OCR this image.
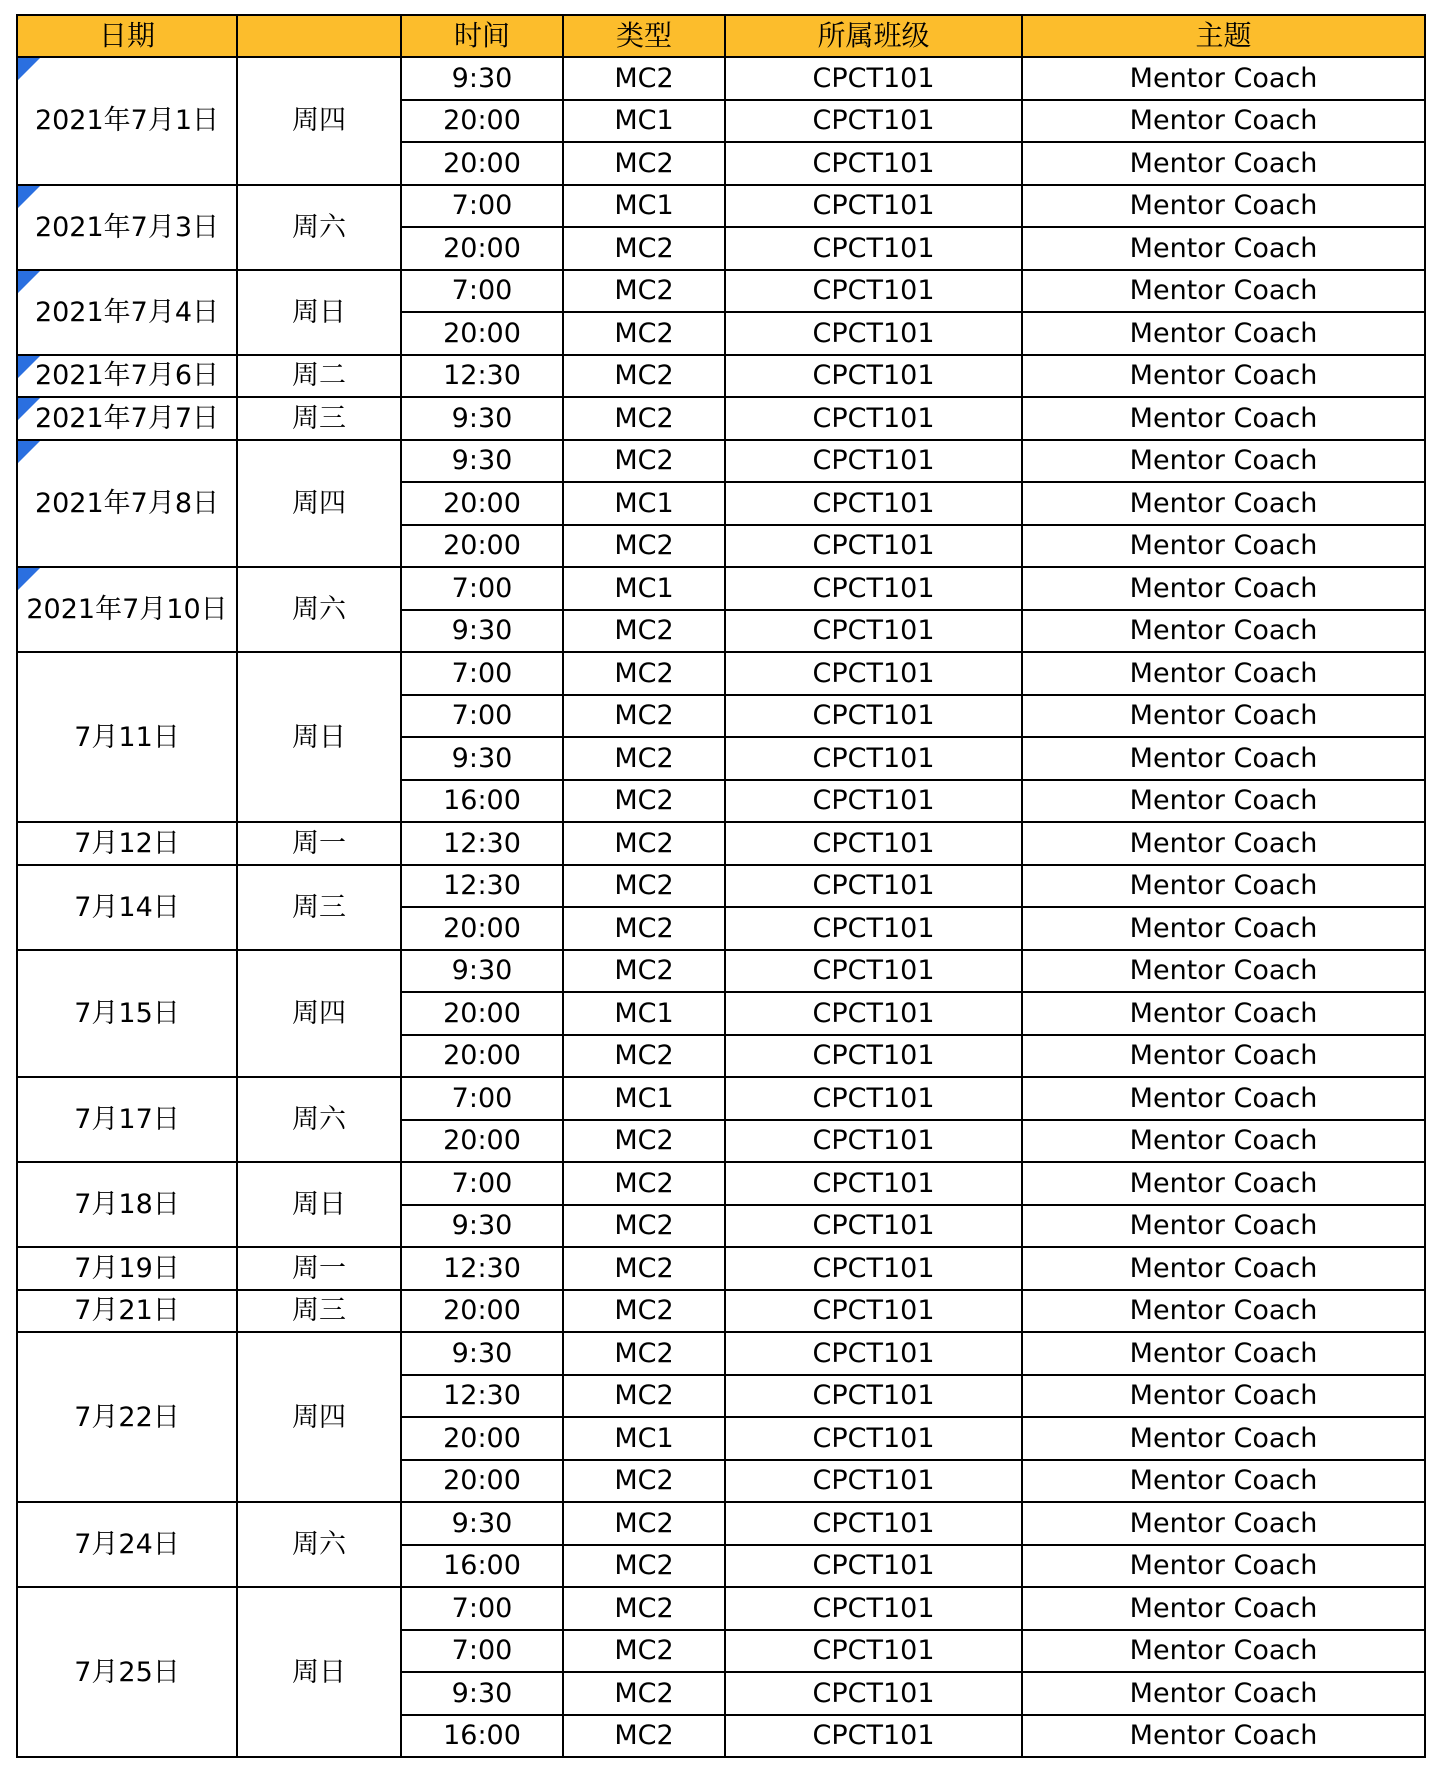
日期		时间	类型	所属班级	主题

2021年7月1日	周四	9:30	MC2	CPCT101	Mentor Coach
		20:00	MC1	CPCT101	Mentor Coach
		20:00	MC2	CPCT101	Mentor Coach

2021年7月3日	周六	7:00	MC1	CPCT101	Mentor Coach
		20:00	MC2	CPCT101	Mentor Coach

2021年7月4日	周日	7:00	MC2	CPCT101	Mentor Coach
		20:00	MC2	CPCT101	Mentor Coach

2021年7月6日	周二	12:30	MC2	CPCT101	Mentor Coach

2021年7月7日	周三	9:30	MC2	CPCT101	Mentor Coach

2021年7月8日	周四	9:30	MC2	CPCT101	Mentor Coach
		20:00	MC1	CPCT101	Mentor Coach
		20:00	MC2	CPCT101	Mentor Coach

2021年7月10日	周六	7:00	MC1	CPCT101	Mentor Coach
		9:30	MC2	CPCT101	Mentor Coach
7月11日	周日	7:00	MC2	CPCT101	Mentor Coach
		7:00	MC2	CPCT101	Mentor Coach
		9:30	MC2	CPCT101	Mentor Coach
		16:00	MC2	CPCT101	Mentor Coach
7月12日	周一	12:30	MC2	CPCT101	Mentor Coach
7月14日	周三	12:30	MC2	CPCT101	Mentor Coach
		20:00	MC2	CPCT101	Mentor Coach
7月15日	周四	9:30	MC2	CPCT101	Mentor Coach
		20:00	MC1	CPCT101	Mentor Coach
		20:00	MC2	CPCT101	Mentor Coach
7月17日	周六	7:00	MC1	CPCT101	Mentor Coach
		20:00	MC2	CPCT101	Mentor Coach
7月18日	周日	7:00	MC2	CPCT101	Mentor Coach
		9:30	MC2	CPCT101	Mentor Coach
7月19日	周一	12:30	MC2	CPCT101	Mentor Coach
7月21日	周三	20:00	MC2	CPCT101	Mentor Coach
7月22日	周四	9:30	MC2	CPCT101	Mentor Coach
		12:30	MC2	CPCT101	Mentor Coach
		20:00	MC1	CPCT101	Mentor Coach
		20:00	MC2	CPCT101	Mentor Coach
7月24日	周六	9:30	MC2	CPCT101	Mentor Coach
		16:00	MC2	CPCT101	Mentor Coach
7月25日	周日	7:00	MC2	CPCT101	Mentor Coach
		7:00	MC2	CPCT101	Mentor Coach
		9:30	MC2	CPCT101	Mentor Coach
		16:00	MC2	CPCT101	Mentor Coach
